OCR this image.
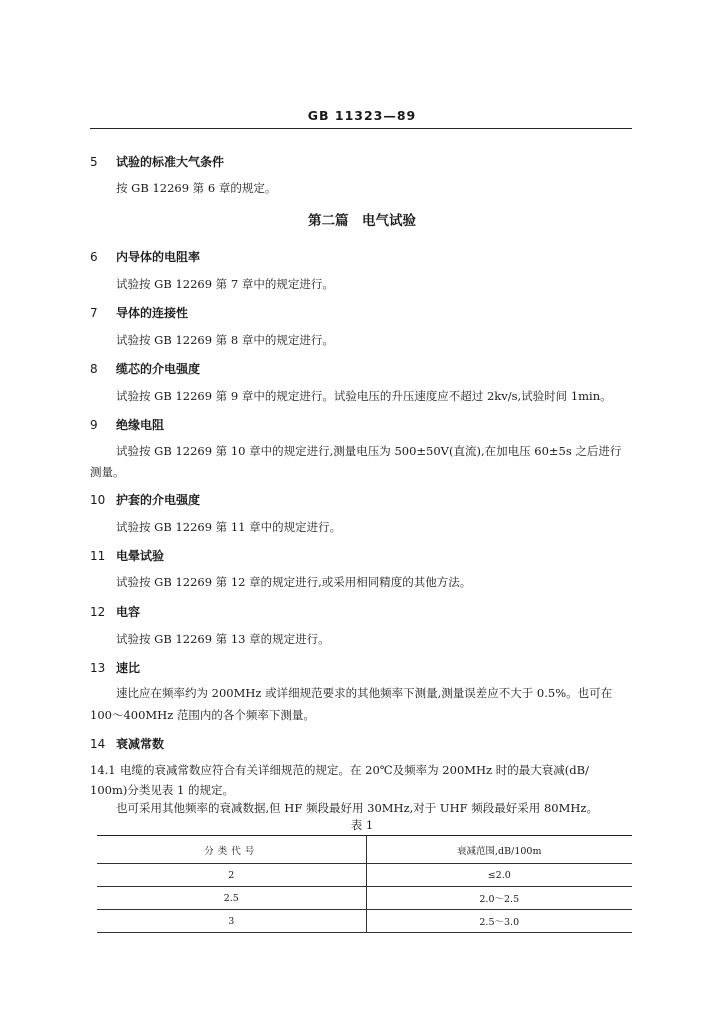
GB 11323—89
5 试验的标准大气条件
按 GB 12269 第 6 章的规定。
第二篇　电气试验
6 内导体的电阻率
试验按 GB 12269 第 7 章中的规定进行。
7 导体的连接性
试验按 GB 12269 第 8 章中的规定进行。
8 缆芯的介电强度
试验按 GB 12269 第 9 章中的规定进行。试验电压的升压速度应不超过 2kv/s,试验时间 1min。
9 绝缘电阻
试验按 GB 12269 第 10 章中的规定进行,测量电压为 500±50V(直流),在加电压 60±5s 之后进行
测量。
10 护套的介电强度
试验按 GB 12269 第 11 章中的规定进行。
11 电晕试验
试验按 GB 12269 第 12 章的规定进行,或采用相同精度的其他方法。
12 电容
试验按 GB 12269 第 13 章的规定进行。
13 速比
速比应在频率约为 200MHz 或详细规范要求的其他频率下测量,测量误差应不大于 0.5%。也可在
100～400MHz 范围内的各个频率下测量。
14 衰减常数
14.1 电缆的衰减常数应符合有关详细规范的规定。在 20℃及频率为 200MHz 时的最大衰减(dB/
100m)分类见表 1 的规定。
也可采用其他频率的衰减数据,但 HF 频段最好用 30MHz,对于 UHF 频段最好采用 80MHz。
表 1
分类代号	衰减范围,dB/100m
2	≤2.0
2.5	2.0～2.5
3	2.5～3.0
